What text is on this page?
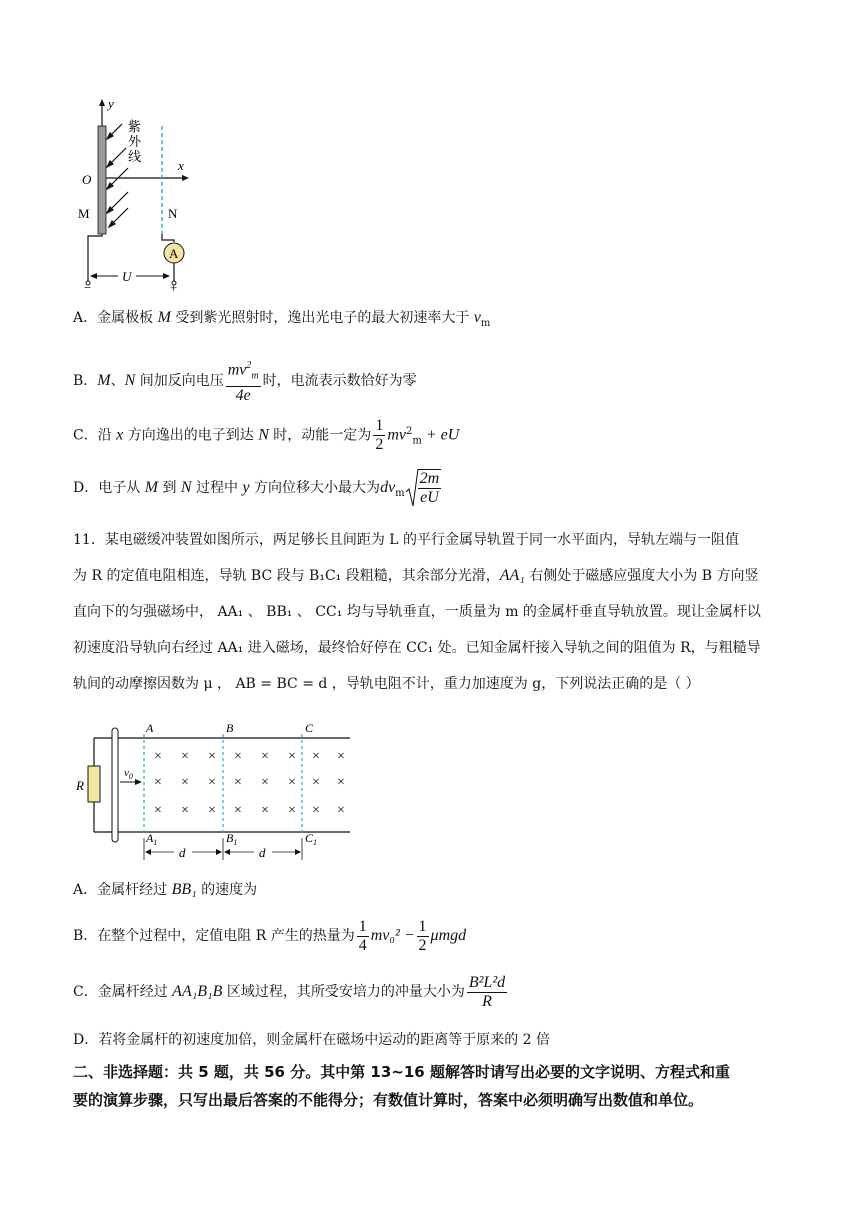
y
紫
外
线
x
O
M	N
A
−	+
U
A．金属极板 M 受到紫光照射时，逸出光电子的最大初速率大于 $v_m$
B．M、N 间加反向电压 $\frac{mv^2_m}{4e}$ 时，电流表示数恰好为零
C．沿 x 方向逸出的电子到达 N 时，动能一定为 $\frac{1}{2} mv^2_m$ + eU
D．电子从 M 到 N 过程中 y 方向位移大小最大为$dv_m \frac{2m}{eU}$
11．某电磁缓冲装置如图所示，两足够长且间距为 L 的平行金属导轨置于同一水平面内，导轨左端与一阻值
为 R 的定值电阻相连，导轨 BC 段与 B₁C₁ 段粗糙，其余部分光滑，AA₁ 右侧处于磁感应强度大小为 B 方向竖
直向下的匀强磁场中， AA₁ 、 BB₁ 、 CC₁ 均与导轨垂直，一质量为 m 的金属杆垂直导轨放置。现让金属杆以
初速度沿导轨向右经过 AA₁ 进入磁场，最终恰好停在 CC₁ 处。已知金属杆接入导轨之间的阻值为 R，与粗糙导
轨间的动摩擦因数为 μ ， AB = BC = d ，导轨电阻不计，重力加速度为 g，下列说法正确的是（ ）
R
$v_0$
A	B	C
$A_1$	$B_1$	$C_1$
× × × × × × × ×
× × × × × × × ×
× × × × × × × ×
d	d
A．金属杆经过 BB₁ 的速度为
B．在整个过程中，定值电阻 R 产生的热量为 $\frac{1}{4} mv_0^2 - \frac{1}{2}$ μmgd
C．金属杆经过 AA₁B₁B 区域过程，其所受安培力的冲量大小为 $\frac{\text{B²L²d}}{R}$
D．若将金属杆的初速度加倍，则金属杆在磁场中运动的距离等于原来的 2 倍
二、非选择题：共 5 题，共 56 分。其中第 13~16 题解答时请写出必要的文字说明、方程式和重
要的演算步骤，只写出最后答案的不能得分；有数值计算时，答案中必须明确写出数值和单位。
